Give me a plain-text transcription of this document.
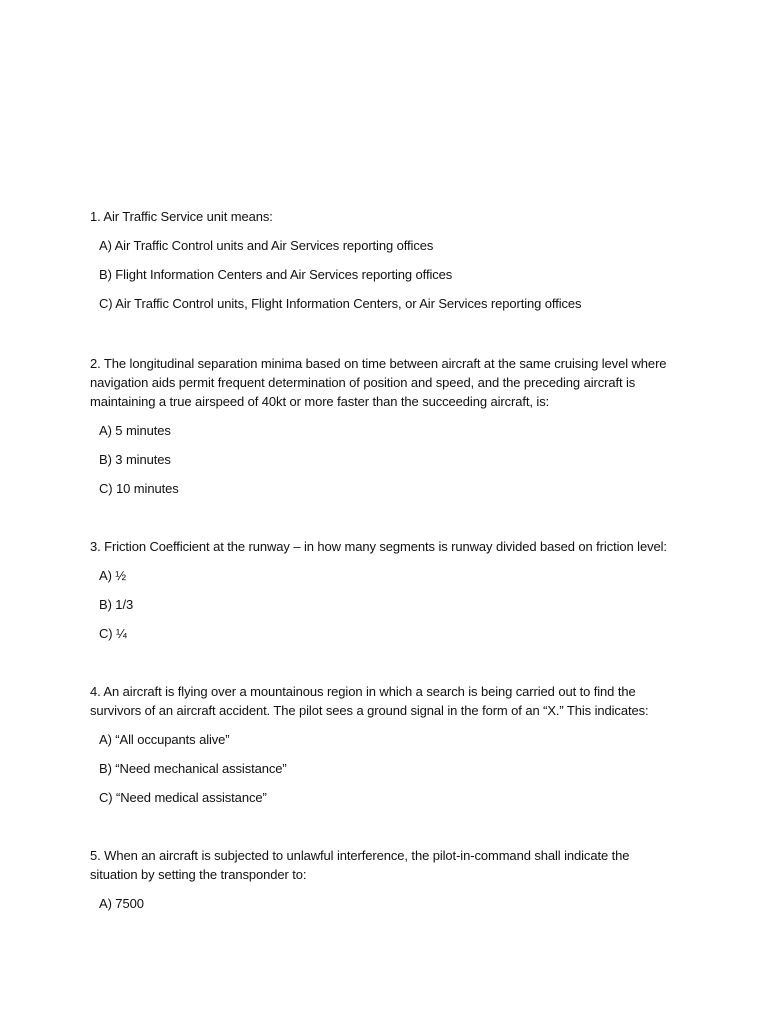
1. Air Traffic Service unit means:

A) Air Traffic Control units and Air Services reporting offices

B) Flight Information Centers and Air Services reporting offices

C) Air Traffic Control units, Flight Information Centers, or Air Services reporting offices

2. The longitudinal separation minima based on time between aircraft at the same cruising level where navigation aids permit frequent determination of position and speed, and the preceding aircraft is maintaining a true airspeed of 40kt or more faster than the succeeding aircraft, is:

A) 5 minutes

B) 3 minutes

C) 10 minutes

3. Friction Coefficient at the runway – in how many segments is runway divided based on friction level:

A) ½

B) 1/3

C) ¼

4. An aircraft is flying over a mountainous region in which a search is being carried out to find the survivors of an aircraft accident. The pilot sees a ground signal in the form of an “X.” This indicates:

A) “All occupants alive”

B) “Need mechanical assistance”

C) “Need medical assistance”

5. When an aircraft is subjected to unlawful interference, the pilot-in-command shall indicate the situation by setting the transponder to:

A) 7500
